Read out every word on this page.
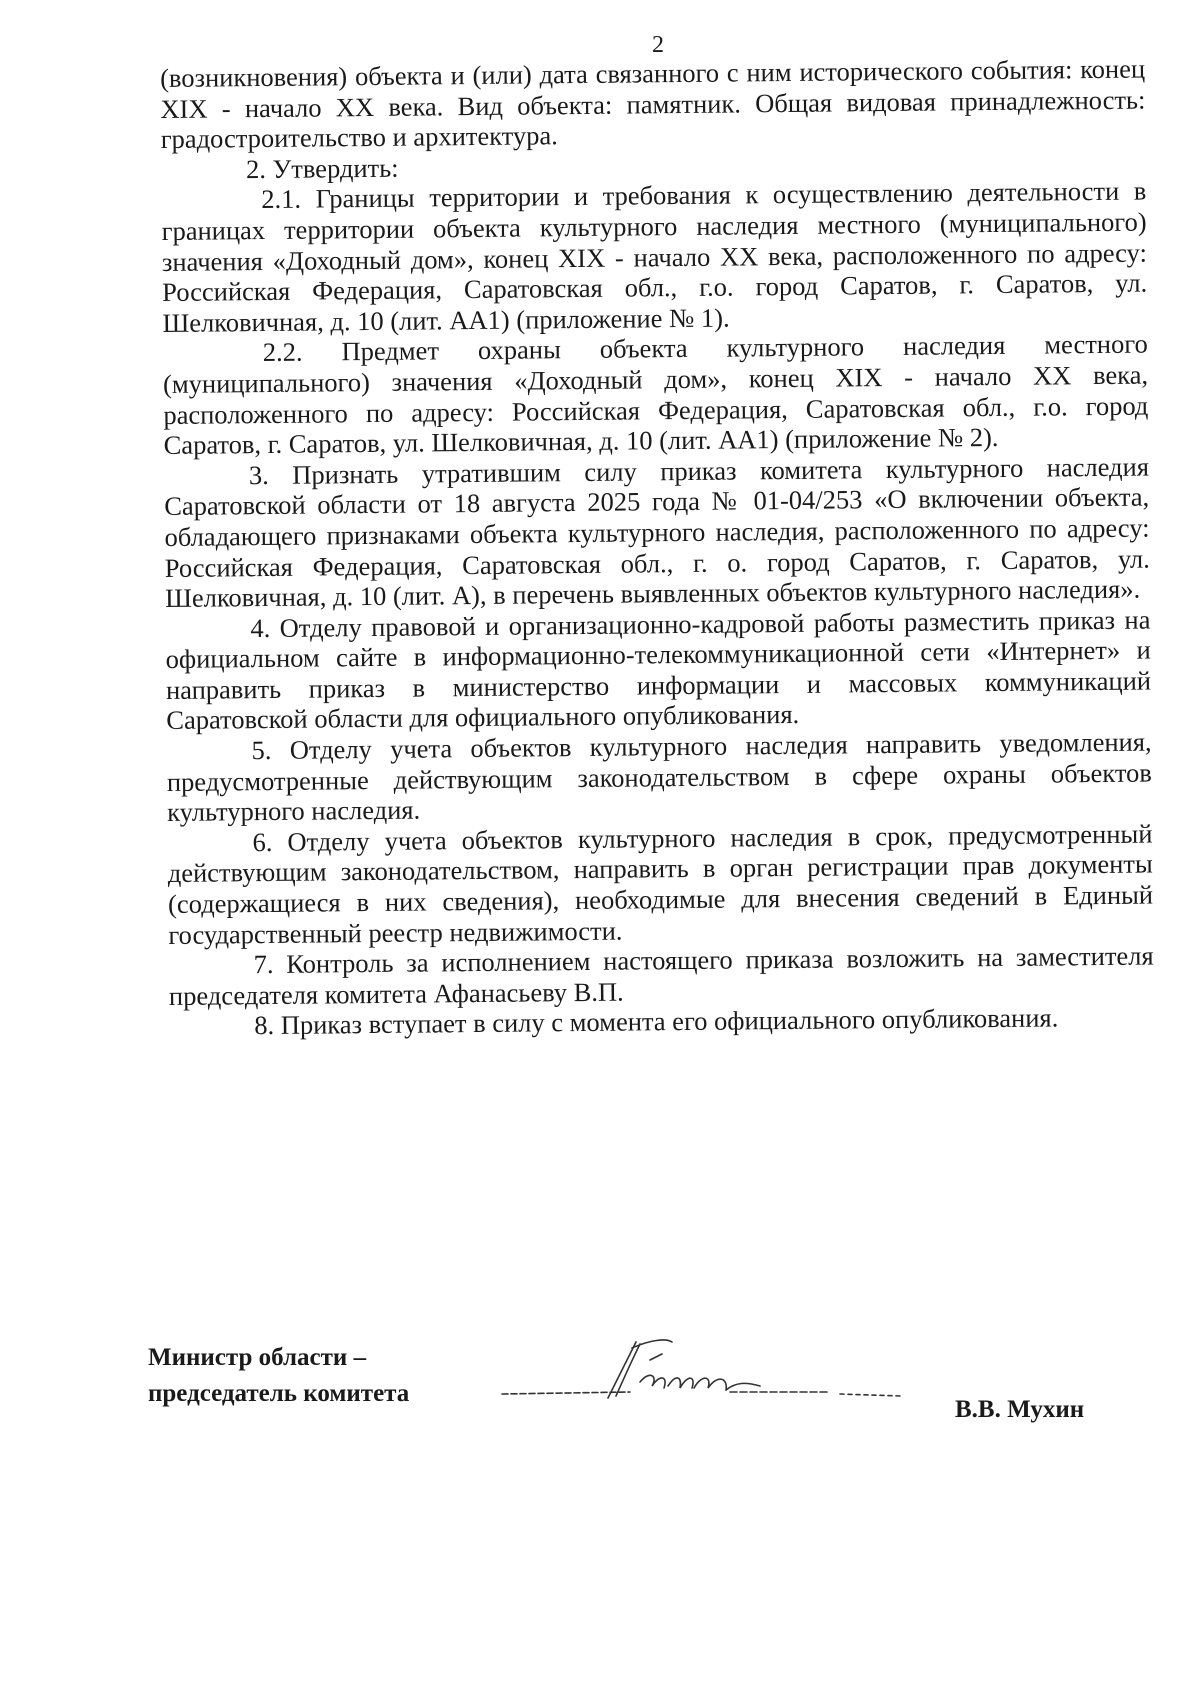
2

(возникновения) объекта и (или) дата связанного с ним исторического события: конец XIX - начало XX века. Вид объекта: памятник. Общая видовая принадлежность: градостроительство и архитектура.

2. Утвердить:

2.1. Границы территории и требования к осуществлению деятельности в границах территории объекта культурного наследия местного (муниципального) значения «Доходный дом», конец XIX - начало XX века, расположенного по адресу: Российская Федерация, Саратовская обл., г.о. город Саратов, г. Саратов, ул. Шелковичная, д. 10 (лит. АА1) (приложение № 1).

2.2. Предмет охраны объекта культурного наследия местного (муниципального) значения «Доходный дом», конец XIX - начало XX века, расположенного по адресу: Российская Федерация, Саратовская обл., г.о. город Саратов, г. Саратов, ул. Шелковичная, д. 10 (лит. АА1) (приложение № 2).

3. Признать утратившим силу приказ комитета культурного наследия Саратовской области от 18 августа 2025 года № 01-04/253 «О включении объекта, обладающего признаками объекта культурного наследия, расположенного по адресу: Российская Федерация, Саратовская обл., г. о. город Саратов, г. Саратов, ул. Шелковичная, д. 10 (лит. А), в перечень выявленных объектов культурного наследия».

4. Отделу правовой и организационно-кадровой работы разместить приказ на официальном сайте в информационно-телекоммуникационной сети «Интернет» и направить приказ в министерство информации и массовых коммуникаций Саратовской области для официального опубликования.

5. Отделу учета объектов культурного наследия направить уведомления, предусмотренные действующим законодательством в сфере охраны объектов культурного наследия.

6. Отделу учета объектов культурного наследия в срок, предусмотренный действующим законодательством, направить в орган регистрации прав документы (содержащиеся в них сведения), необходимые для внесения сведений в Единый государственный реестр недвижимости.

7. Контроль за исполнением настоящего приказа возложить на заместителя председателя комитета Афанасьеву В.П.

8. Приказ вступает в силу с момента его официального опубликования.

Министр области –
председатель комитета
В.В. Мухин
